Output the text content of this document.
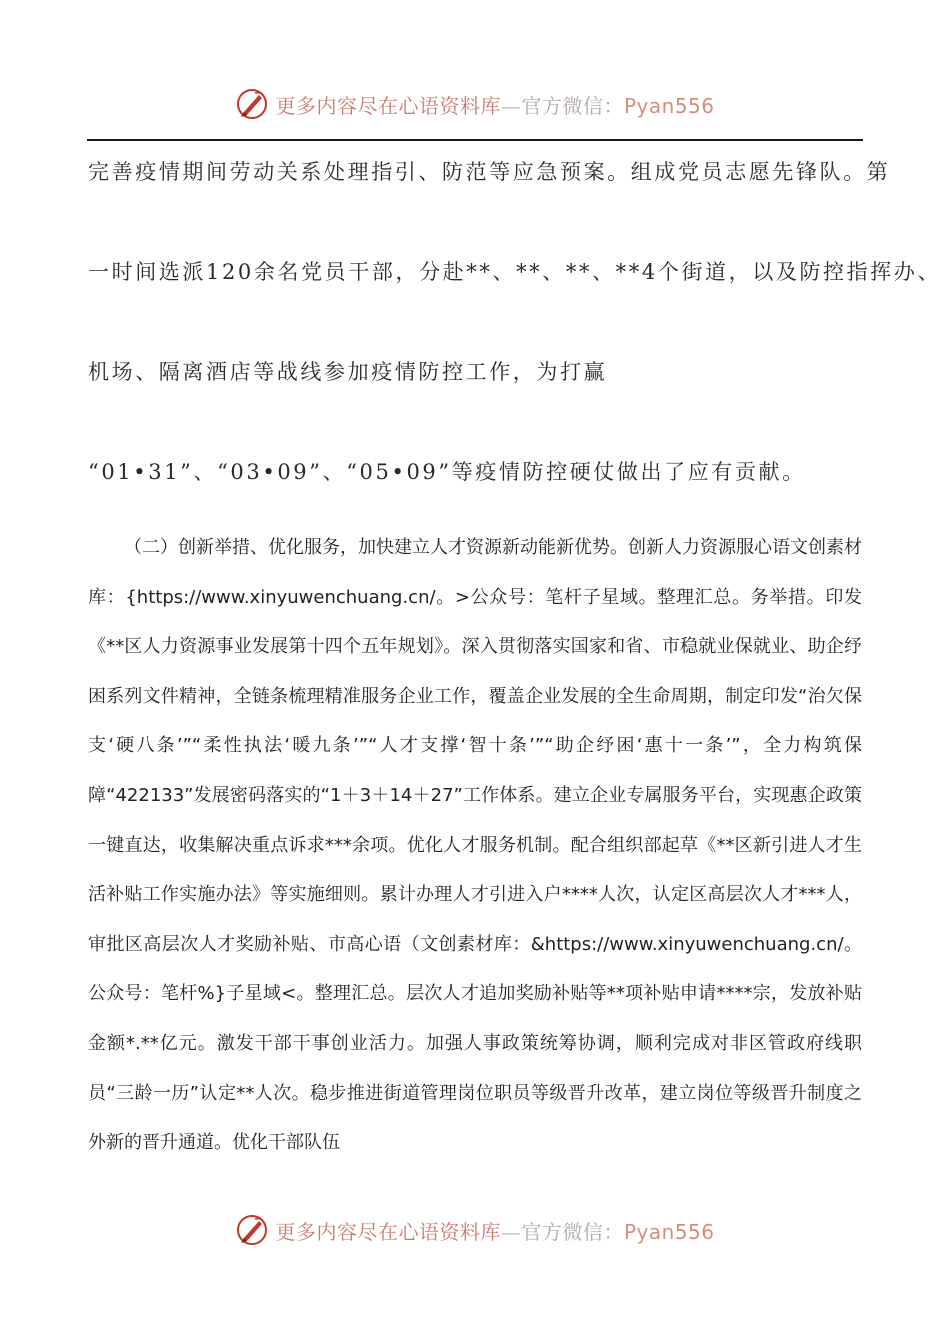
更多内容尽在心语资料库—官方微信：Pyan556
完善疫情期间劳动关系处理指引、防范等应急预案。组成党员志愿先锋队。第
一时间选派120余名党员干部，分赴**、**、**、**4个街道，以及防控指挥办、
机场、隔离酒店等战线参加疫情防控工作，为打赢
“01•31”、“03•09”、“05•09”等疫情防控硬仗做出了应有贡献。

（二）创新举措、优化服务，加快建立人才资源新动能新优势。创新人力资源服心语文创素材库：{https://www.xinyuwenchuang.cn/。>公众号：笔杆子星域。整理汇总。务举措。印发《**区人力资源事业发展第十四个五年规划》。深入贯彻落实国家和省、市稳就业保就业、助企纾困系列文件精神，全链条梳理精准服务企业工作，覆盖企业发展的全生命周期，制定印发“治欠保支‘硬八条’”“柔性执法‘暖九条’”“人才支撑‘智十条’”“助企纾困‘惠十一条’”，全力构筑保障“422133”发展密码落实的“1＋3＋14＋27”工作体系。建立企业专属服务平台，实现惠企政策一键直达，收集解决重点诉求***余项。优化人才服务机制。配合组织部起草《**区新引进人才生活补贴工作实施办法》等实施细则。累计办理人才引进入户****人次，认定区高层次人才***人，审批区高层次人才奖励补贴、市高心语（文创素材库：&https://www.xinyuwenchuang.cn/。公众号：笔杆%}子星域<。整理汇总。层次人才追加奖励补贴等**项补贴申请****宗，发放补贴金额*.**亿元。激发干部干事创业活力。加强人事政策统筹协调，顺利完成对非区管政府线职员“三龄一历”认定**人次。稳步推进街道管理岗位职员等级晋升改革，建立岗位等级晋升制度之外新的晋升通道。优化干部队伍

更多内容尽在心语资料库—官方微信：Pyan556
